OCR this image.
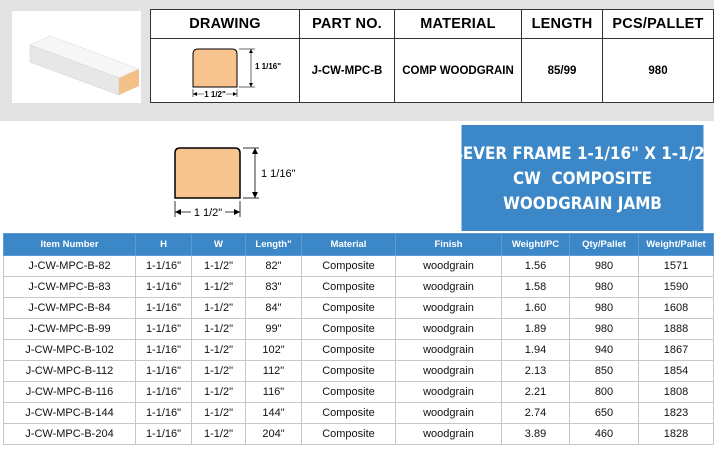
DRAWING	PART NO.	MATERIAL	LENGTH	PCS/PALLET

1 1/16"
1 1/2"	J-CW-MPC-B	COMP WOODGRAIN	85/99	980
1 1/16"
1 1/2"
4EVER FRAME 1-1/16" X 1-1/2"
CW  COMPOSITE
WOODGRAIN JAMB
Item Number	H	W	Length"	Material	Finish	Weight/PC	Qty/Pallet	Weight/Pallet
J-CW-MPC-B-82	1-1/16"	1-1/2"	82"	Composite	woodgrain	1.56	980	1571
J-CW-MPC-B-83	1-1/16"	1-1/2"	83"	Composite	woodgrain	1.58	980	1590
J-CW-MPC-B-84	1-1/16"	1-1/2"	84"	Composite	woodgrain	1.60	980	1608
J-CW-MPC-B-99	1-1/16"	1-1/2"	99"	Composite	woodgrain	1.89	980	1888
J-CW-MPC-B-102	1-1/16"	1-1/2"	102"	Composite	woodgrain	1.94	940	1867
J-CW-MPC-B-112	1-1/16"	1-1/2"	112"	Composite	woodgrain	2.13	850	1854
J-CW-MPC-B-116	1-1/16"	1-1/2"	116"	Composite	woodgrain	2.21	800	1808
J-CW-MPC-B-144	1-1/16"	1-1/2"	144"	Composite	woodgrain	2.74	650	1823
J-CW-MPC-B-204	1-1/16"	1-1/2"	204"	Composite	woodgrain	3.89	460	1828
